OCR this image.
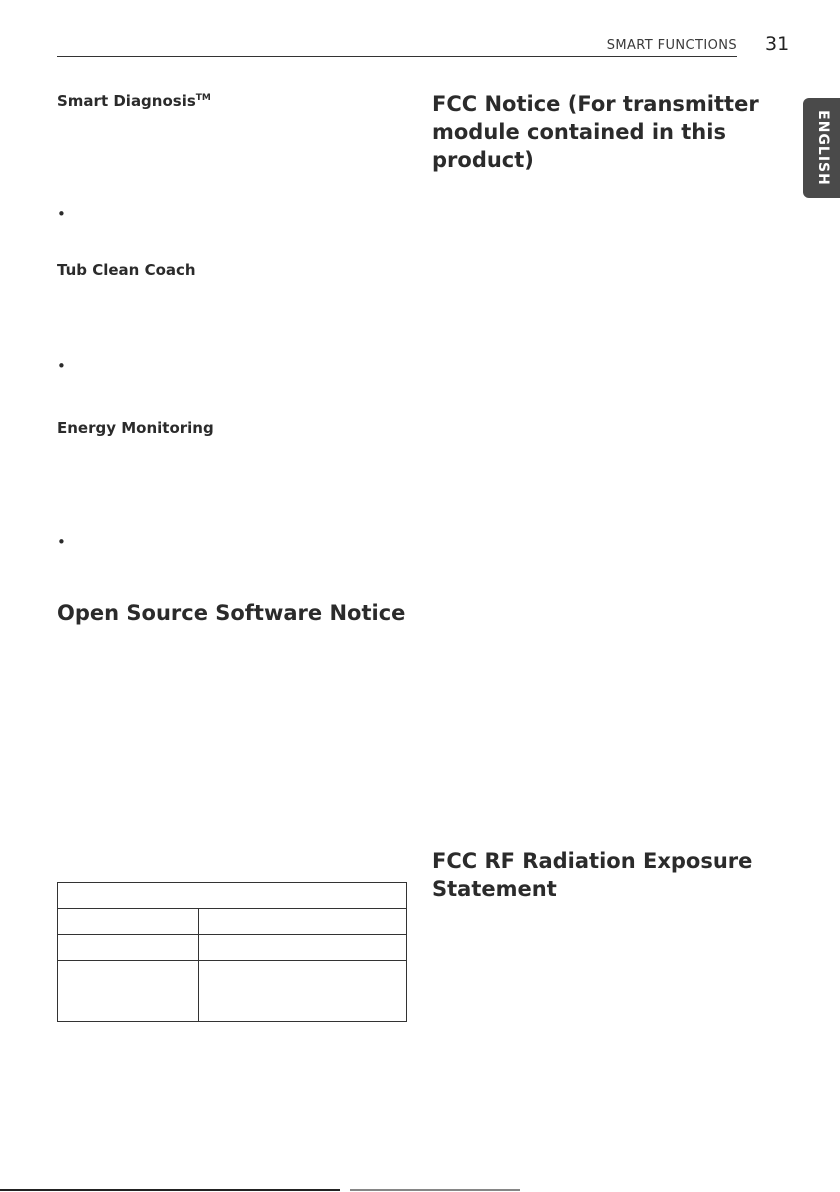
SMART FUNCTIONS 31
ENGLISH
Smart Diagnosis™
•
Tub Clean Coach
•
Energy Monitoring
•
Open Source Software Notice

FCC Notice (For transmitter
module contained in this
product)
FCC RF Radiation Exposure
Statement
